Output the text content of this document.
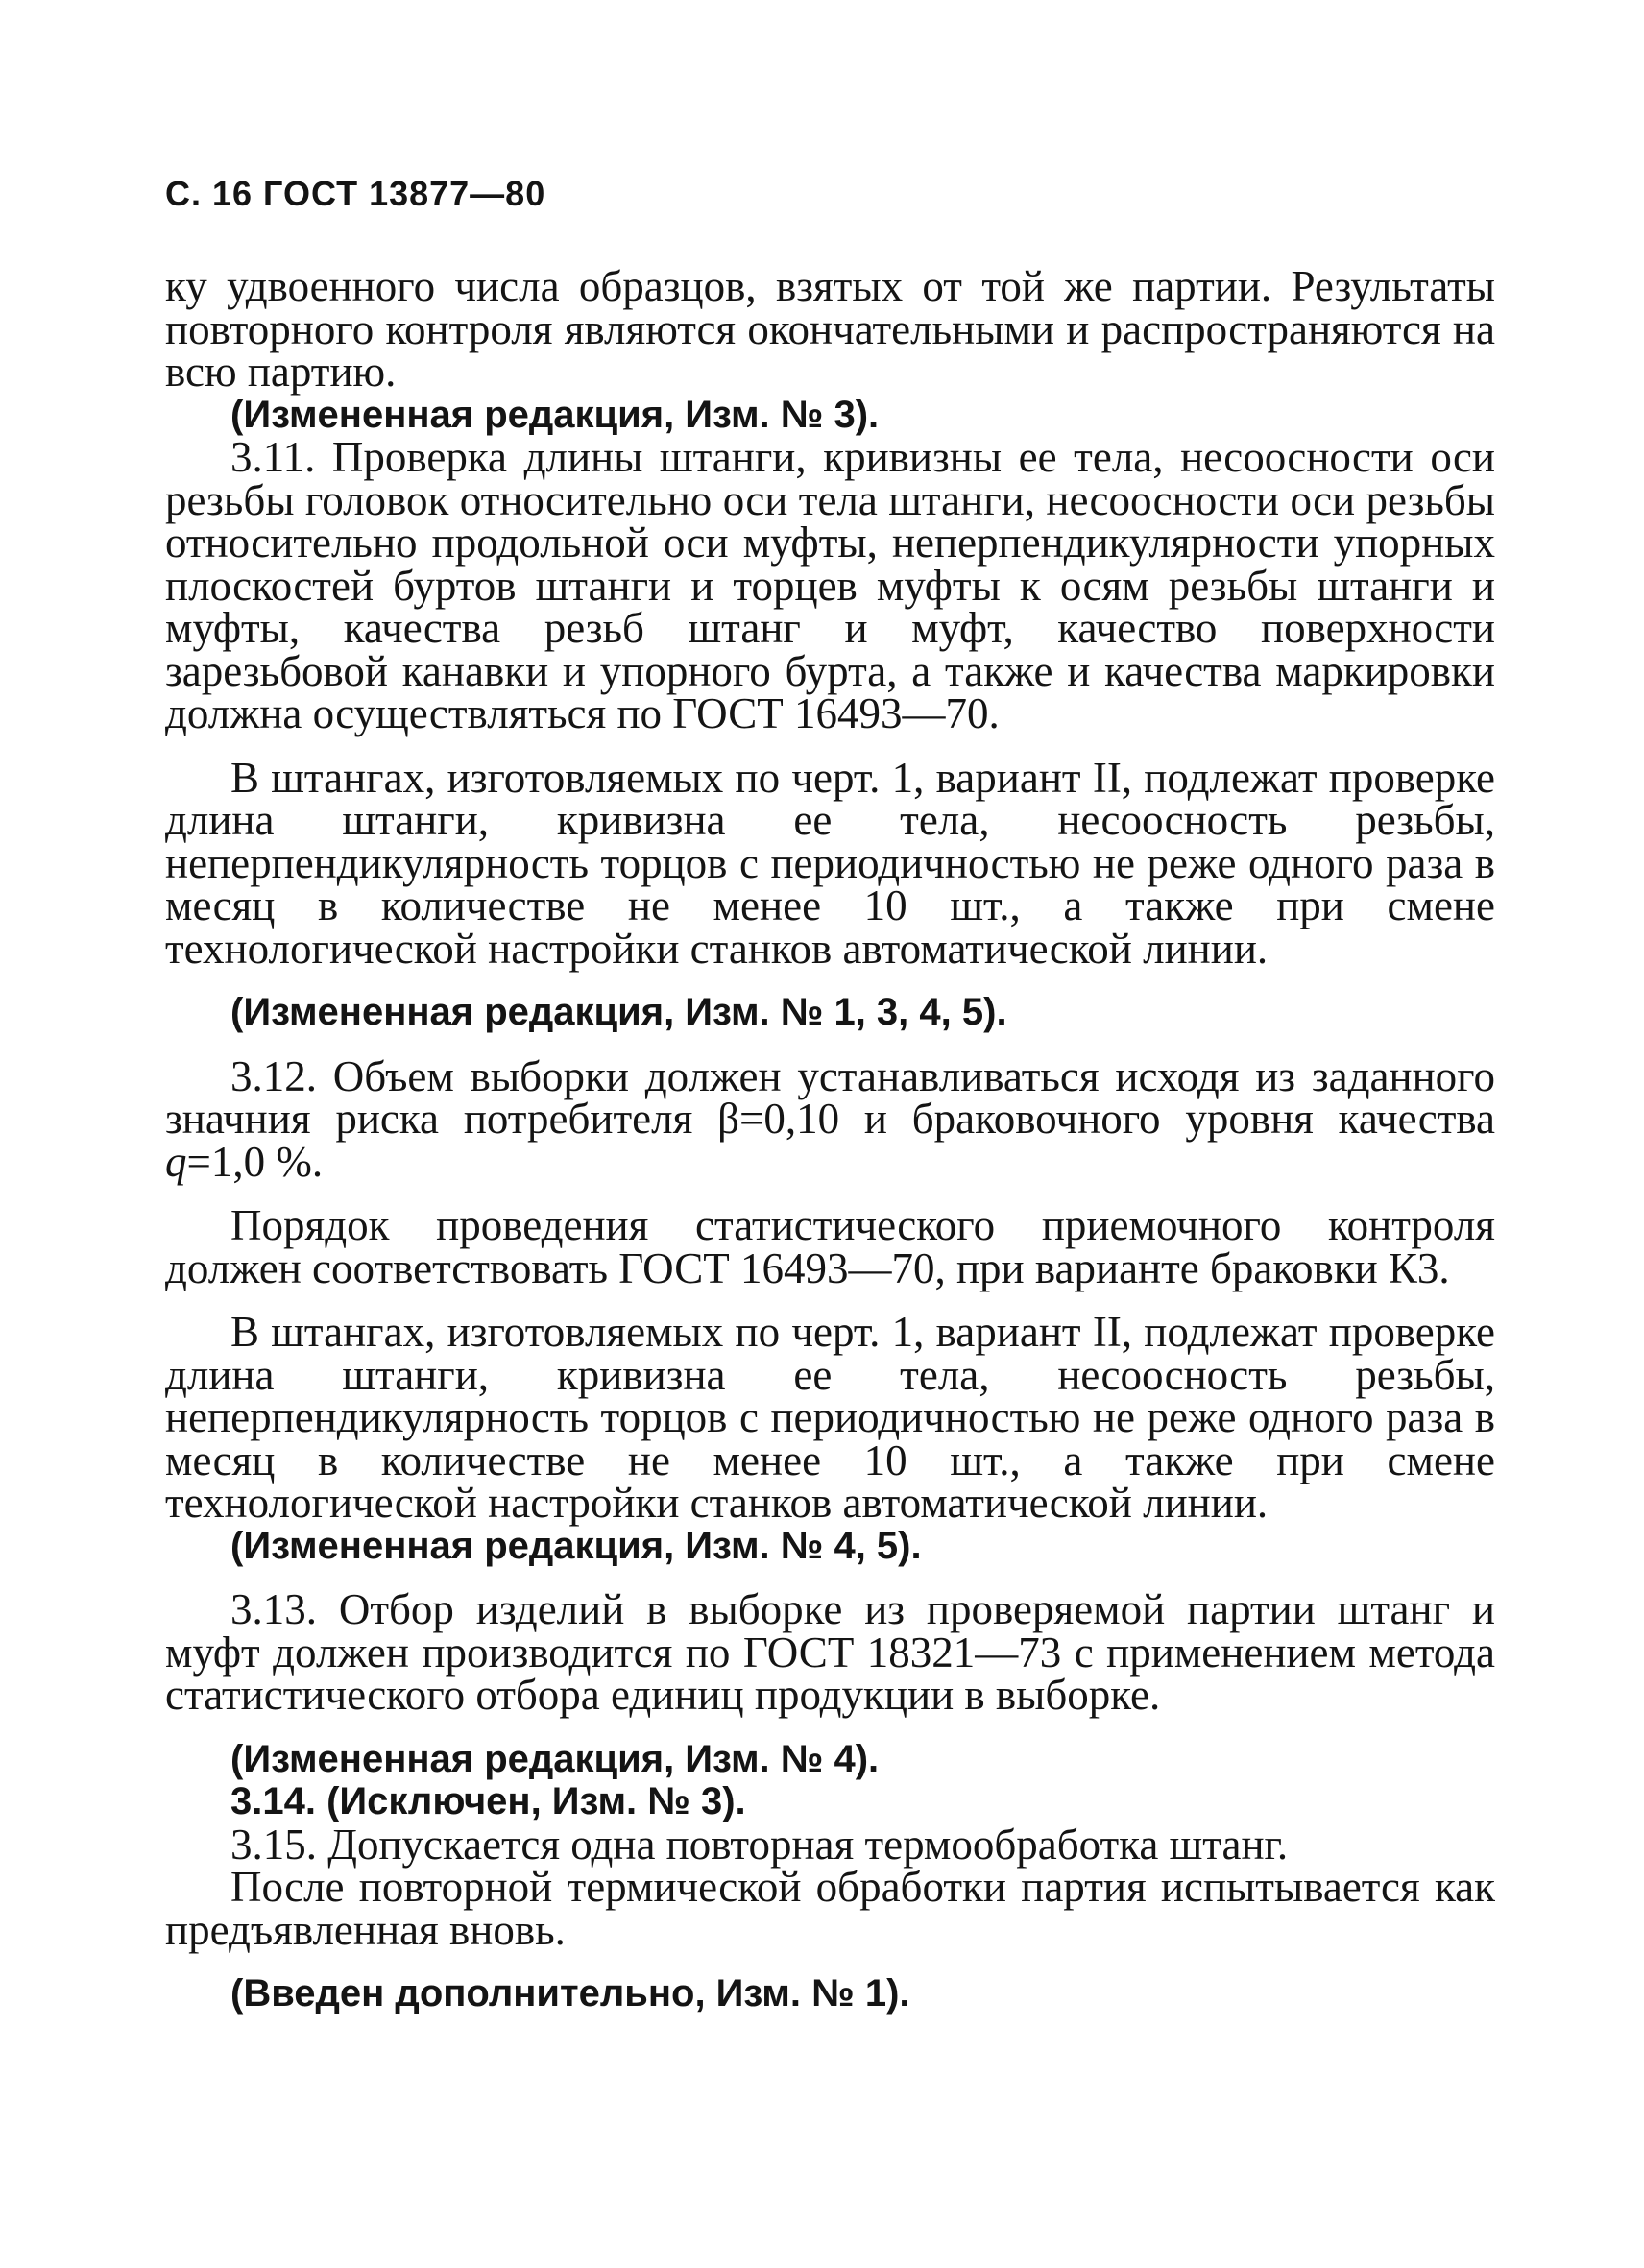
С. 16 ГОСТ 13877—80

ку удвоенного числа образцов, взятых от той же партии. Результаты повторного контроля являются окончательными и распространяются на всю партию.

(Измененная редакция, Изм. № 3).

3.11. Проверка длины штанги, кривизны ее тела, несоосности оси резьбы головок относительно оси тела штанги, несоосности оси резьбы относительно продольной оси муфты, неперпендикулярности упорных плоскостей буртов штанги и торцев муфты к осям резьбы штанги и муфты, качества резьб штанг и муфт, качество поверхности зарезьбовой канавки и упорного бурта, а также и качества маркировки должна осуществляться по ГОСТ 16493—70.

В штангах, изготовляемых по черт. 1, вариант II, подлежат проверке длина штанги, кривизна ее тела, несоосность резьбы, неперпендикулярность торцов с периодичностью не реже одного раза в месяц в количестве не менее 10 шт., а также при смене технологической настройки станков автоматической линии.

(Измененная редакция, Изм. № 1, 3, 4, 5).

3.12. Объем выборки должен устанавливаться исходя из заданного значния риска потребителя β=0,10 и браковочного уровня качества q=1,0 %.

Порядок проведения статистического приемочного контроля должен соответствовать ГОСТ 16493—70, при варианте браковки К3.

В штангах, изготовляемых по черт. 1, вариант II, подлежат проверке длина штанги, кривизна ее тела, несоосность резьбы, неперпендикулярность торцов с периодичностью не реже одного раза в месяц в количестве не менее 10 шт., а также при смене технологической настройки станков автоматической линии.

(Измененная редакция, Изм. № 4, 5).

3.13. Отбор изделий в выборке из проверяемой партии штанг и муфт должен производится по ГОСТ 18321—73 с применением метода статистического отбора единиц продукции в выборке.

(Измененная редакция, Изм. № 4).

3.14. (Исключен, Изм. № 3).

3.15. Допускается одна повторная термообработка штанг.

После повторной термической обработки партия испытывается как предъявленная вновь.

(Введен дополнительно, Изм. № 1).
